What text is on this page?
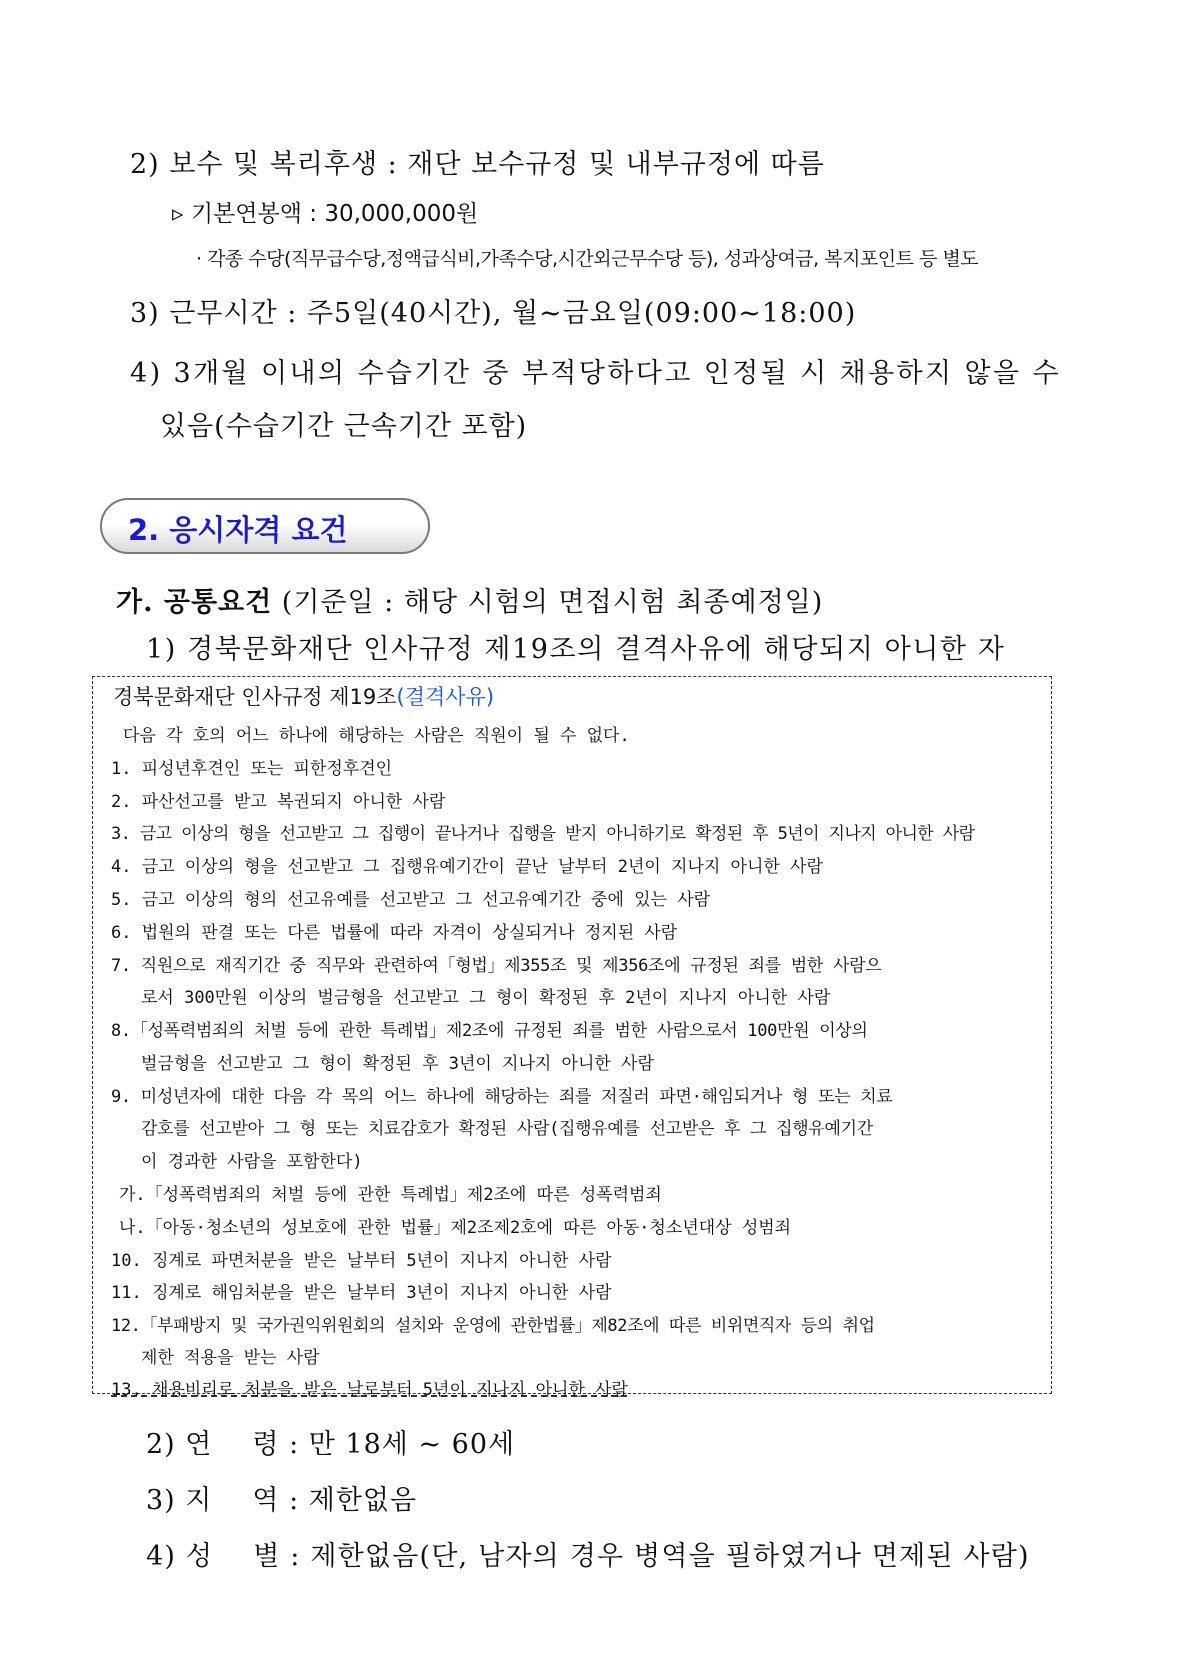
2) 보수 및 복리후생 : 재단 보수규정 및 내부규정에 따름
▹ 기본연봉액 : 30,000,000원
· 각종 수당(직무급수당,정액급식비,가족수당,시간외근무수당 등), 성과상여금, 복지포인트 등 별도
3) 근무시간 : 주5일(40시간), 월~금요일(09:00~18:00)
4) 3개월 이내의 수습기간 중 부적당하다고 인정될 시 채용하지 않을 수
있음(수습기간 근속기간 포함)
2. 응시자격 요건
가. 공통요건 (기준일 : 해당 시험의 면접시험 최종예정일)
1) 경북문화재단 인사규정 제19조의 결격사유에 해당되지 아니한 자
경북문화재단 인사규정 제19조(결격사유)
다음 각 호의 어느 하나에 해당하는 사람은 직원이 될 수 없다.
1. 피성년후견인 또는 피한정후견인
2. 파산선고를 받고 복권되지 아니한 사람
3. 금고 이상의 형을 선고받고 그 집행이 끝나거나 집행을 받지 아니하기로 확정된 후 5년이 지나지 아니한 사람
4. 금고 이상의 형을 선고받고 그 집행유예기간이 끝난 날부터 2년이 지나지 아니한 사람
5. 금고 이상의 형의 선고유예를 선고받고 그 선고유예기간 중에 있는 사람
6. 법원의 판결 또는 다른 법률에 따라 자격이 상실되거나 정지된 사람
7. 직원으로 재직기간 중 직무와 관련하여「형법」제355조 및 제356조에 규정된 죄를 범한 사람으
로서 300만원 이상의 벌금형을 선고받고 그 형이 확정된 후 2년이 지나지 아니한 사람
8.「성폭력범죄의 처벌 등에 관한 특례법」제2조에 규정된 죄를 범한 사람으로서 100만원 이상의
벌금형을 선고받고 그 형이 확정된 후 3년이 지나지 아니한 사람
9. 미성년자에 대한 다음 각 목의 어느 하나에 해당하는 죄를 저질러 파면·해임되거나 형 또는 치료
감호를 선고받아 그 형 또는 치료감호가 확정된 사람(집행유예를 선고받은 후 그 집행유예기간
이 경과한 사람을 포함한다)
가.「성폭력범죄의 처벌 등에 관한 특례법」제2조에 따른 성폭력범죄
나.「아동·청소년의 성보호에 관한 법률」제2조제2호에 따른 아동·청소년대상 성범죄
10. 징계로 파면처분을 받은 날부터 5년이 지나지 아니한 사람
11. 징계로 해임처분을 받은 날부터 3년이 지나지 아니한 사람
12.「부패방지 및 국가권익위원회의 설치와 운영에 관한법률」제82조에 따른 비위면직자 등의 취업
제한 적용을 받는 사람
13. 채용비리로 처분을 받은 날로부터 5년이 지나지 아니한 사람
2) 연 령 : 만 18세 ~ 60세
3) 지 역 : 제한없음
4) 성 별 : 제한없음(단, 남자의 경우 병역을 필하였거나 면제된 사람)
